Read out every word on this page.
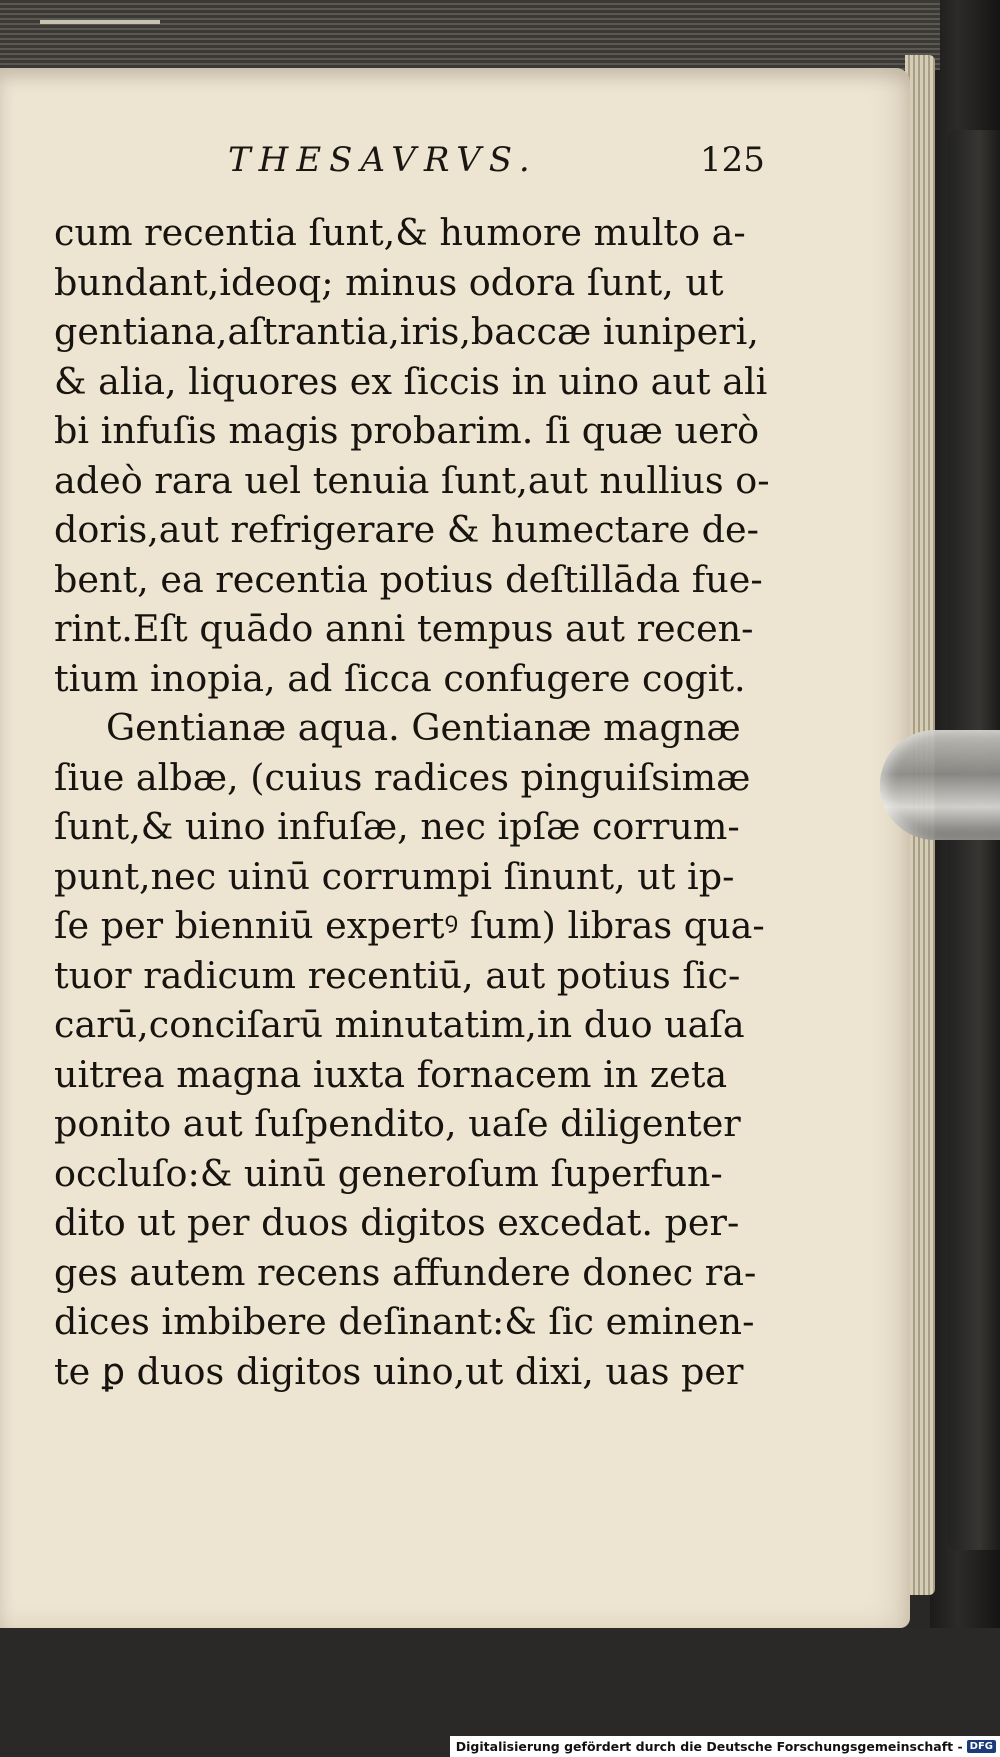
THESAVRVS.	125
cum recentia ſunt,& humore multo a-
bundant,ideoq; minus odora ſunt, ut
gentiana,aſtrantia,iris,baccæ iuniperi,
& alia, liquores ex ſiccis in uino aut ali
bi infuſis magis probarim. ſi quæ uerò
adeò rara uel tenuia ſunt,aut nullius o-
doris,aut refrigerare & humectare de-
bent, ea recentia potius deſtillāda fue-
rint.Eſt quādo anni tempus aut recen-
tium inopia, ad ſicca confugere cogit.
Gentianæ aqua. Gentianæ magnæ
ſiue albæ, (cuius radices pinguiſsimæ
ſunt,& uino infuſæ, nec ipſæ corrum-
punt,nec uinū corrumpi ſinunt, ut ip-
ſe per bienniū expertꝰ ſum) libras qua-
tuor radicum recentiū, aut potius ſic-
carū,conciſarū minutatim,in duo uaſa
uitrea magna iuxta fornacem in zeta
ponito aut ſuſpendito, uaſe diligenter
occluſo:& uinū generoſum ſuperfun-
dito ut per duos digitos excedat. per-
ges autem recens affundere donec ra-
dices imbibere deſinant:& ſic eminen-
te ꝑ duos digitos uino,ut dixi, uas per
Digitalisierung gefördert durch die Deutsche Forschungsgemeinschaft - DFG
